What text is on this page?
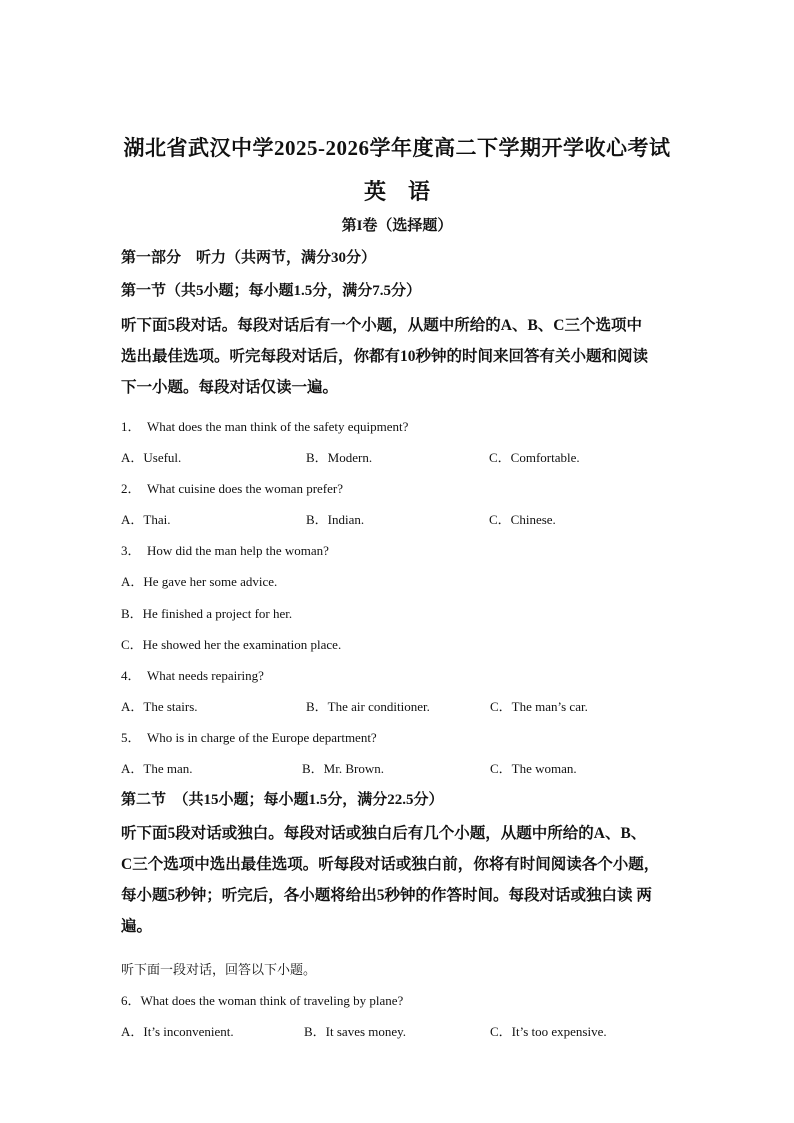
湖北省武汉中学2025-2026学年度高二下学期开学收心考试
英　语
第I卷（选择题）
第一部分　听力（共两节，满分30分）
第一节（共5小题；每小题1.5分，满分7.5分）
听下面5段对话。每段对话后有一个小题，从题中所给的A、B、C三个选项中
选出最佳选项。听完每段对话后，你都有10秒钟的时间来回答有关小题和阅读
下一小题。每段对话仅读一遍。
1．　What does the man think of the safety equipment?
A．Useful.	B．Modern.	C．Comfortable.
2．　What cuisine does the woman prefer?
A．Thai.	B．Indian.	C．Chinese.
3．　How did the man help the woman?
A．He gave her some advice.
B．He finished a project for her.
C．He showed her the examination place.
4．　What needs repairing?
A．The stairs.	B．The air conditioner.	C．The man’s car.
5．　Who is in charge of the Europe department?
A．The man.	B．Mr. Brown.	C．The woman.
第二节　（共15小题；每小题1.5分，满分22.5分）
听下面5段对话或独白。每段对话或独白后有几个小题，从题中所给的A、B、
C三个选项中选出最佳选项。听每段对话或独白前，你将有时间阅读各个小题，
每小题5秒钟；听完后，各小题将给出5秒钟的作答时间。每段对话或独白读 两
遍。
听下面一段对话，回答以下小题。
6．What does the woman think of traveling by plane?
A．It’s inconvenient.	B．It saves money.	C．It’s too expensive.
